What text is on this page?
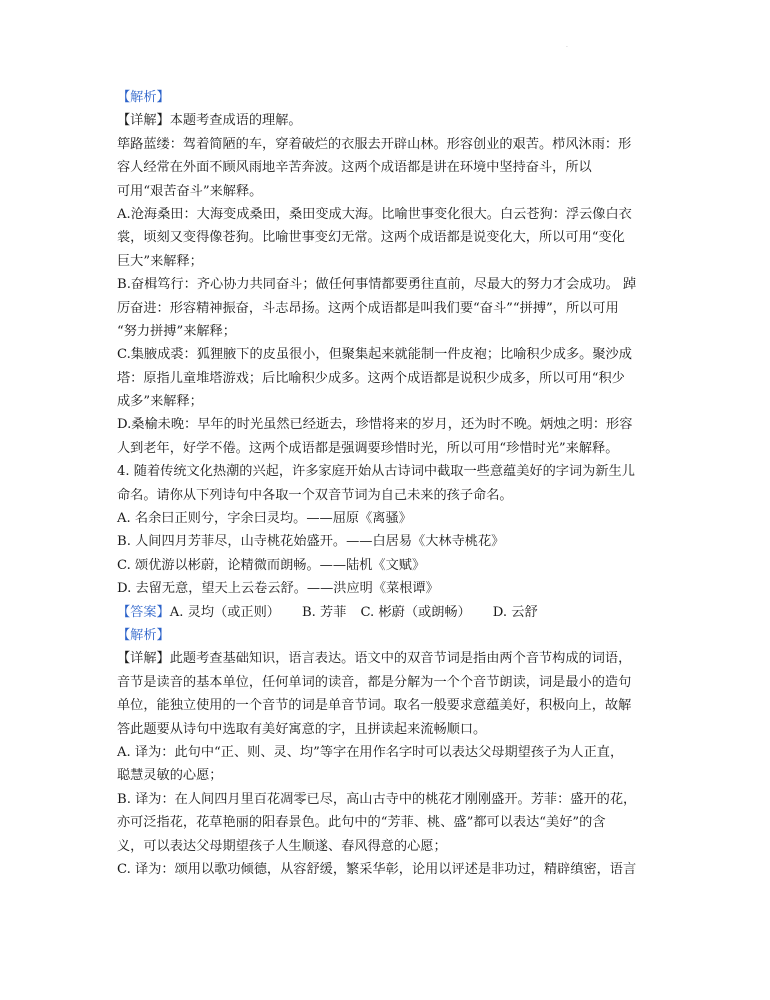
·
【解析】
【详解】本题考查成语的理解。
筚路蓝缕：驾着简陋的车，穿着破烂的衣服去开辟山林。形容创业的艰苦。栉风沐雨：形
容人经常在外面不顾风雨地辛苦奔波。这两个成语都是讲在环境中坚持奋斗，所以
可用“艰苦奋斗”来解释。
A.沧海桑田：大海变成桑田，桑田变成大海。比喻世事变化很大。白云苍狗：浮云像白衣
裳，顷刻又变得像苍狗。比喻世事变幻无常。这两个成语都是说变化大，所以可用“变化
巨大”来解释；
B.奋楫笃行：齐心协力共同奋斗；做任何事情都要勇往直前，尽最大的努力才会成功。 踔
厉奋进：形容精神振奋，斗志昂扬。这两个成语都是叫我们要“奋斗”“拼搏”，所以可用
“努力拼搏”来解释；
C.集腋成裘：狐狸腋下的皮虽很小，但聚集起来就能制一件皮袍；比喻积少成多。聚沙成
塔：原指儿童堆塔游戏；后比喻积少成多。这两个成语都是说积少成多，所以可用“积少
成多”来解释；
D.桑榆未晚：早年的时光虽然已经逝去，珍惜将来的岁月，还为时不晚。炳烛之明：形容
人到老年，好学不倦。这两个成语都是强调要珍惜时光，所以可用“珍惜时光”来解释。
4. 随着传统文化热潮的兴起，许多家庭开始从古诗词中截取一些意蕴美好的字词为新生儿
命名。请你从下列诗句中各取一个双音节词为自己未来的孩子命名。
A. 名余曰正则兮，字余曰灵均。——屈原《离骚》
B. 人间四月芳菲尽，山寺桃花始盛开。——白居易《大林寺桃花》
C. 颂优游以彬蔚，论精微而朗畅。——陆机《文赋》
D. 去留无意，望天上云卷云舒。——洪应明《菜根谭》
【答案】A. 灵均（或正则） B. 芳菲 C. 彬蔚（或朗畅） D. 云舒
【解析】
【详解】此题考查基础知识，语言表达。语文中的双音节词是指由两个音节构成的词语，
音节是读音的基本单位，任何单词的读音，都是分解为一个个音节朗读，词是最小的造句
单位，能独立使用的一个音节的词是单音节词。取名一般要求意蕴美好，积极向上，故解
答此题要从诗句中选取有美好寓意的字，且拼读起来流畅顺口。
A. 译为：此句中“正、则、灵、均”等字在用作名字时可以表达父母期望孩子为人正直，
聪慧灵敏的心愿；
B. 译为：在人间四月里百花凋零已尽，高山古寺中的桃花才刚刚盛开。芳菲：盛开的花，
亦可泛指花，花草艳丽的阳春景色。此句中的“芳菲、桃、盛”都可以表达“美好”的含
义，可以表达父母期望孩子人生顺遂、春风得意的心愿；
C. 译为：颂用以歌功倾德，从容舒缓，繁采华彰，论用以评述是非功过，精辟缜密，语言
